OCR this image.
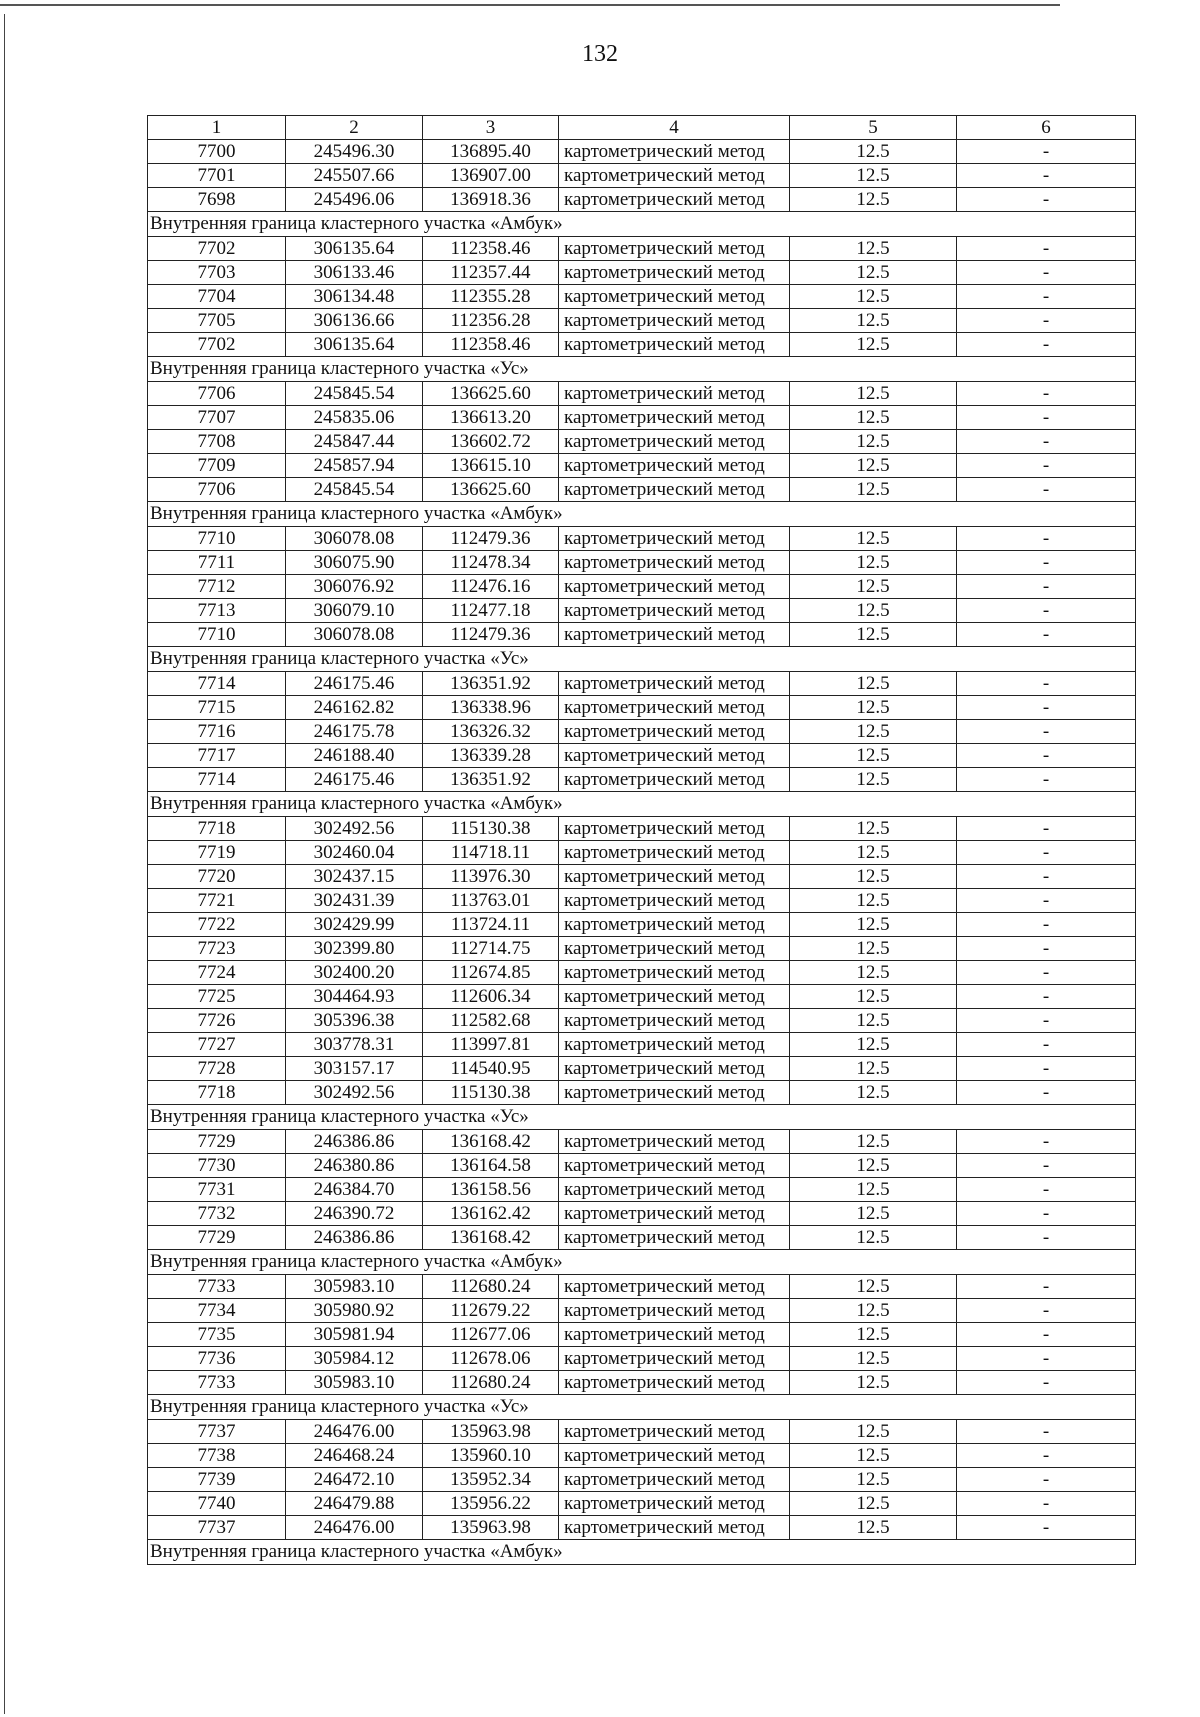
132
1	2	3	4	5	6
7700	245496.30	136895.40	картометрический метод	12.5	-
7701	245507.66	136907.00	картометрический метод	12.5	-
7698	245496.06	136918.36	картометрический метод	12.5	-
Внутренняя граница кластерного участка «Амбук»					
7702	306135.64	112358.46	картометрический метод	12.5	-
7703	306133.46	112357.44	картометрический метод	12.5	-
7704	306134.48	112355.28	картометрический метод	12.5	-
7705	306136.66	112356.28	картометрический метод	12.5	-
7702	306135.64	112358.46	картометрический метод	12.5	-
Внутренняя граница кластерного участка «Ус»					
7706	245845.54	136625.60	картометрический метод	12.5	-
7707	245835.06	136613.20	картометрический метод	12.5	-
7708	245847.44	136602.72	картометрический метод	12.5	-
7709	245857.94	136615.10	картометрический метод	12.5	-
7706	245845.54	136625.60	картометрический метод	12.5	-
Внутренняя граница кластерного участка «Амбук»					
7710	306078.08	112479.36	картометрический метод	12.5	-
7711	306075.90	112478.34	картометрический метод	12.5	-
7712	306076.92	112476.16	картометрический метод	12.5	-
7713	306079.10	112477.18	картометрический метод	12.5	-
7710	306078.08	112479.36	картометрический метод	12.5	-
Внутренняя граница кластерного участка «Ус»					
7714	246175.46	136351.92	картометрический метод	12.5	-
7715	246162.82	136338.96	картометрический метод	12.5	-
7716	246175.78	136326.32	картометрический метод	12.5	-
7717	246188.40	136339.28	картометрический метод	12.5	-
7714	246175.46	136351.92	картометрический метод	12.5	-
Внутренняя граница кластерного участка «Амбук»					
7718	302492.56	115130.38	картометрический метод	12.5	-
7719	302460.04	114718.11	картометрический метод	12.5	-
7720	302437.15	113976.30	картометрический метод	12.5	-
7721	302431.39	113763.01	картометрический метод	12.5	-
7722	302429.99	113724.11	картометрический метод	12.5	-
7723	302399.80	112714.75	картометрический метод	12.5	-
7724	302400.20	112674.85	картометрический метод	12.5	-
7725	304464.93	112606.34	картометрический метод	12.5	-
7726	305396.38	112582.68	картометрический метод	12.5	-
7727	303778.31	113997.81	картометрический метод	12.5	-
7728	303157.17	114540.95	картометрический метод	12.5	-
7718	302492.56	115130.38	картометрический метод	12.5	-
Внутренняя граница кластерного участка «Ус»					
7729	246386.86	136168.42	картометрический метод	12.5	-
7730	246380.86	136164.58	картометрический метод	12.5	-
7731	246384.70	136158.56	картометрический метод	12.5	-
7732	246390.72	136162.42	картометрический метод	12.5	-
7729	246386.86	136168.42	картометрический метод	12.5	-
Внутренняя граница кластерного участка «Амбук»					
7733	305983.10	112680.24	картометрический метод	12.5	-
7734	305980.92	112679.22	картометрический метод	12.5	-
7735	305981.94	112677.06	картометрический метод	12.5	-
7736	305984.12	112678.06	картометрический метод	12.5	-
7733	305983.10	112680.24	картометрический метод	12.5	-
Внутренняя граница кластерного участка «Ус»					
7737	246476.00	135963.98	картометрический метод	12.5	-
7738	246468.24	135960.10	картометрический метод	12.5	-
7739	246472.10	135952.34	картометрический метод	12.5	-
7740	246479.88	135956.22	картометрический метод	12.5	-
7737	246476.00	135963.98	картометрический метод	12.5	-
Внутренняя граница кластерного участка «Амбук»					
